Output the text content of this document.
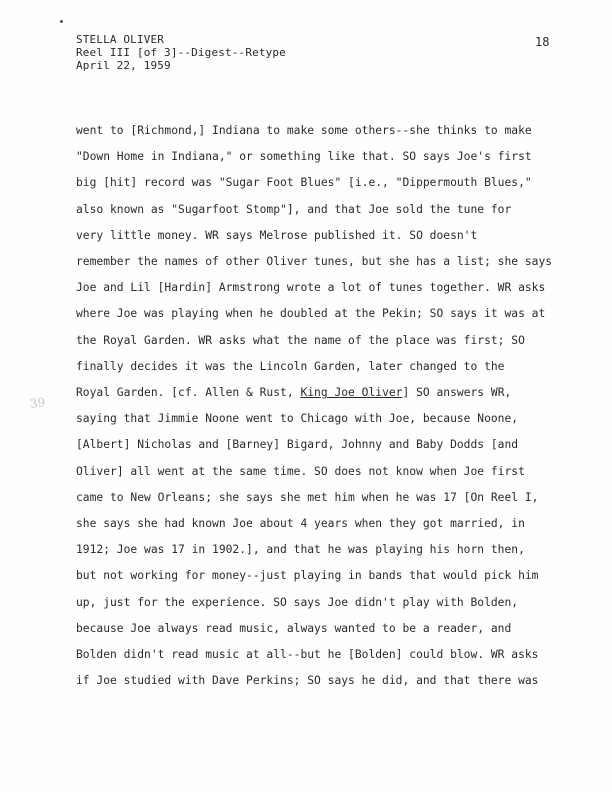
STELLA OLIVER
Reel III [of 3]--Digest--Retype
April 22, 1959
18
39
went to [Richmond,] Indiana to make some others--she thinks to make
"Down Home in Indiana," or something like that. SO says Joe's first
big [hit] record was "Sugar Foot Blues" [i.e., "Dippermouth Blues,"
also known as "Sugarfoot Stomp"], and that Joe sold the tune for
very little money. WR says Melrose published it. SO doesn't
remember the names of other Oliver tunes, but she has a list; she says
Joe and Lil [Hardin] Armstrong wrote a lot of tunes together. WR asks
where Joe was playing when he doubled at the Pekin; SO says it was at
the Royal Garden. WR asks what the name of the place was first; SO
finally decides it was the Lincoln Garden, later changed to the
Royal Garden. [cf. Allen & Rust, King Joe Oliver] SO answers WR,
saying that Jimmie Noone went to Chicago with Joe, because Noone,
[Albert] Nicholas and [Barney] Bigard, Johnny and Baby Dodds [and
Oliver] all went at the same time. SO does not know when Joe first
came to New Orleans; she says she met him when he was 17 [On Reel I,
she says she had known Joe about 4 years when they got married, in
1912; Joe was 17 in 1902.], and that he was playing his horn then,
but not working for money--just playing in bands that would pick him
up, just for the experience. SO says Joe didn't play with Bolden,
because Joe always read music, always wanted to be a reader, and
Bolden didn't read music at all--but he [Bolden] could blow. WR asks
if Joe studied with Dave Perkins; SO says he did, and that there was
